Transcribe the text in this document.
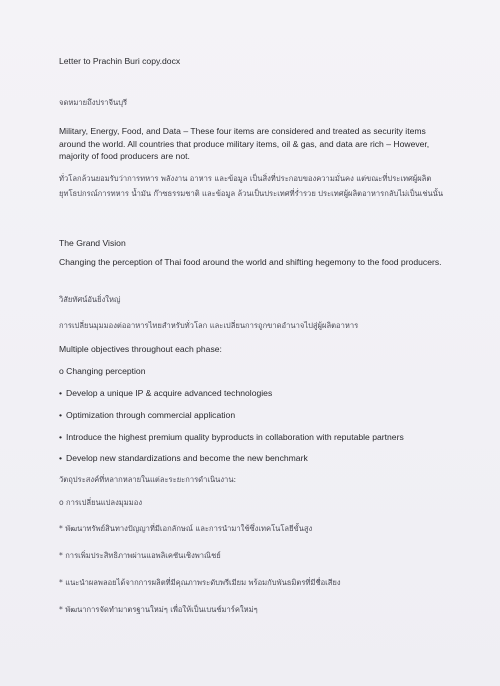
Letter to Prachin Buri copy.docx
จดหมายถึงปราจีนบุรี
Military, Energy, Food, and Data – These four items are considered and treated as security items around the world. All countries that produce military items, oil & gas, and data are rich – However, majority of food producers are not.
ทั่วโลกล้วนยอมรับว่าการทหาร พลังงาน อาหาร และข้อมูล เป็นสิ่งที่ประกอบของความมั่นคง แต่ขณะที่ประเทศผู้ผลิตยุทโธปกรณ์การทหาร น้ำมัน ก๊าซธรรมชาติ และข้อมูล ล้วนเป็นประเทศที่ร่ำรวย ประเทศผู้ผลิตอาหารกลับไม่เป็นเช่นนั้น
The Grand Vision
Changing the perception of Thai food around the world and shifting hegemony to the food producers.
วิสัยทัศน์อันยิ่งใหญ่
การเปลี่ยนมุมมองต่ออาหารไทยสำหรับทั่วโลก และเปลี่ยนการถูกขาดอำนาจไปสู่ผู้ผลิตอาหาร
Multiple objectives throughout each phase:
o Changing perception
• Develop a unique IP & acquire advanced technologies
• Optimization through commercial application
• Introduce the highest premium quality byproducts in collaboration with reputable partners
• Develop new standardizations and become the new benchmark
วัตถุประสงค์ที่หลากหลายในแต่ละระยะการดำเนินงาน:
o การเปลี่ยนแปลงมุมมอง
* พัฒนาทรัพย์สินทางปัญญาที่มีเอกลักษณ์ และการนำมาใช้ซึ่งเทคโนโลยีขั้นสูง
* การเพิ่มประสิทธิภาพผ่านแอพลิเคชันเชิงพาณิชย์
* แนะนำผลพลอยได้จากการผลิตที่มีคุณภาพระดับพรีเมียม พร้อมกับพันธมิตรที่มีชื่อเสียง
* พัฒนาการจัดทำมาตรฐานใหม่ๆ เพื่อให้เป็นเบนช์มาร์คใหม่ๆ
